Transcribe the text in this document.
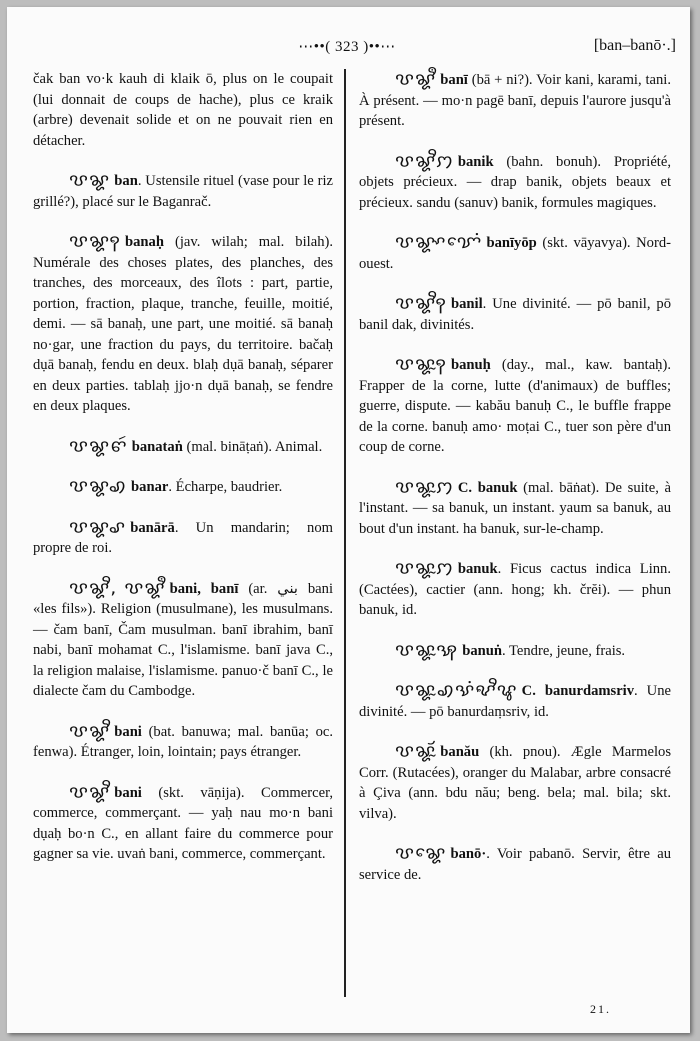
⋯••( 323 )••⋯	[ban–banō·.]
čak ban vo·k kauh di klaik ō, plus on le coupait (lui donnait de coups de hache), plus ce kraik (arbre) devenait solide et on ne pouvait rien en détacher.
ꨝꨘ ban. Ustensile rituel (vase pour le riz grillé?), placé sur le Baganrač.
ꨝꨘꩍ banaḥ (jav. wilah; mal. bilah). Numérale des choses plates, des planches, des tranches, des morceaux, des îlots : part, partie, portion, fraction, plaque, tranche, feuille, moitié, demi. — sā banaḥ, une part, une moitié. sā banaḥ no·gar, une fraction du pays, du territoire. bačaḥ dụā banaḥ, fendu en deux. blaḥ dụā banaḥ, séparer en deux parties. tablaḥ jjo·n dụā banaḥ, se fendre en deux plaques.
ꨝꨘꨓꩃ banataṅ (mal. bināṭaṅ). Animal.
ꨝꨘꩉ banar. Écharpe, baudrier.
ꨝꨘꨣ banārā. Un mandarin; nom propre de roi.
ꨝꨘꨪ, ꨝꨘꨫ bani, banī (ar. بني bani «les fils»). Religion (musulmane), les musulmans. — čam banī, Čam musulman. banī ibrahim, banī nabi, banī mohamat C., l'islamisme. banī java C., la religion malaise, l'islamisme. panuo·č banī C., le dialecte čam du Cambodge.
ꨝꨘꨪ bani (bat. banuwa; mal. banūa; oc. fenwa). Étranger, loin, lointain; pays étranger.
ꨝꨘꨪ bani (skt. vāṇija). Commercer, commerce, commerçant. — yaḥ nau mo·n bani dụaḥ bo·n C., en allant faire du commerce pour gagner sa vie. uvaṅ bani, commerce, commerçant.
ꨝꨘꨫ banī (bā + ni?). Voir kani, karami, tani. À présent. — mo·n pagē banī, depuis l'aurore jusqu'à présent.
ꨝꨘꨪꩀ banik (bahn. bonuh). Propriété, objets précieux. — drap banik, objets beaux et précieux. sandu (sanuv) banik, formules magiques.
ꨝꨘꨳꨢꨯꩌ banīyōp (skt. vāyavya). Nord-ouest.
ꨝꨘꨪꩍ banil. Une divinité. — pō banil, pō banil dak, divinités.
ꨝꨘꨭꩍ banuḥ (day., mal., kaw. bantaḥ). Frapper de la corne, lutte (d'animaux) de buffles; guerre, dispute. — kabău banuḥ C., le buffle frappe de la corne. banuḥ amo· moṭai C., tuer son père d'un coup de corne.
ꨝꨘꨭꩀ C. banuk (mal. bāṅat). De suite, à l'instant. — sa banuk, un instant. yaum sa banuk, au bout d'un instant. ha banuk, sur-le-champ.
ꨝꨘꨭꩀ banuk. Ficus cactus indica Linn. (Cactées), cactier (ann. hong; kh. črĕi). — phun banuk, id.
ꨝꨘꨭꩂ banuṅ. Tendre, jeune, frais.
ꨝꨘꨭꩉꨕꩌꨦꨪꨥ C. banurdamsriv. Une divinité. — pō banurdaṃsriv, id.
ꨝꨘꨮꨭ banău (kh. pnou). Ægle Marmelos Corr. (Rutacées), oranger du Malabar, arbre consacré à Çiva (ann. bdu nău; beng. bela; mal. bila; skt. vilva).
ꨝꨘꨯ banō·. Voir pabanō. Servir, être au service de.
21.
